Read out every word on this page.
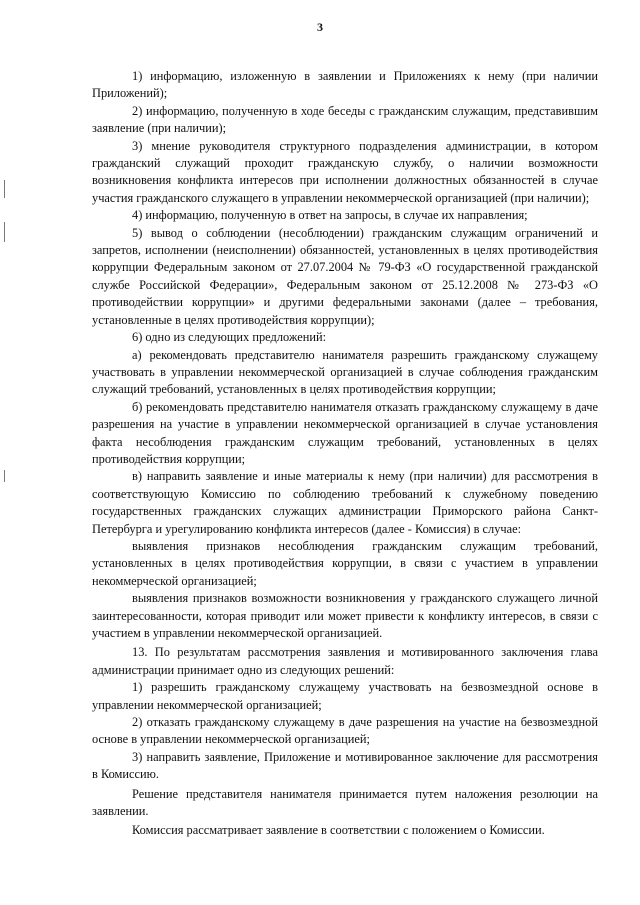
3

1) информацию, изложенную в заявлении и Приложениях к нему (при наличии Приложений);

2) информацию, полученную в ходе беседы с гражданским служащим, представившим заявление (при наличии);

3) мнение руководителя структурного подразделения администрации, в котором гражданский служащий проходит гражданскую службу, о наличии возможности возникновения конфликта интересов при исполнении должностных обязанностей в случае участия гражданского служащего в управлении некоммерческой организацией (при наличии);

4) информацию, полученную в ответ на запросы, в случае их направления;

5) вывод о соблюдении (несоблюдении) гражданским служащим ограничений и запретов, исполнении (неисполнении) обязанностей, установленных в целях противодействия коррупции Федеральным законом от 27.07.2004 № 79-ФЗ «О государственной гражданской службе Российской Федерации», Федеральным законом от 25.12.2008 № 273-ФЗ «О противодействии коррупции» и другими федеральными законами (далее – требования, установленные в целях противодействия коррупции);

6) одно из следующих предложений:

а) рекомендовать представителю нанимателя разрешить гражданскому служащему участвовать в управлении некоммерческой организацией в случае соблюдения гражданским служащий требований, установленных в целях противодействия коррупции;

б) рекомендовать представителю нанимателя отказать гражданскому служащему в даче разрешения на участие в управлении некоммерческой организацией в случае установления факта несоблюдения гражданским служащим требований, установленных в целях противодействия коррупции;

в) направить заявление и иные материалы к нему (при наличии) для рассмотрения в соответствующую Комиссию по соблюдению требований к служебному поведению государственных гражданских служащих администрации Приморского района Санкт-Петербурга и урегулированию конфликта интересов (далее - Комиссия) в случае:

выявления признаков несоблюдения гражданским служащим требований, установленных в целях противодействия коррупции, в связи с участием в управлении некоммерческой организацией;

выявления признаков возможности возникновения у гражданского служащего личной заинтересованности, которая приводит или может привести к конфликту интересов, в связи с участием в управлении некоммерческой организацией.

13. По результатам рассмотрения заявления и мотивированного заключения глава администрации принимает одно из следующих решений:

1) разрешить гражданскому служащему участвовать на безвозмездной основе в управлении некоммерческой организацией;

2) отказать гражданскому служащему в даче разрешения на участие на безвозмездной основе в управлении некоммерческой организацией;

3) направить заявление, Приложение и мотивированное заключение для рассмотрения в Комиссию.

Решение представителя нанимателя принимается путем наложения резолюции на заявлении.

Комиссия рассматривает заявление в соответствии с положением о Комиссии.
